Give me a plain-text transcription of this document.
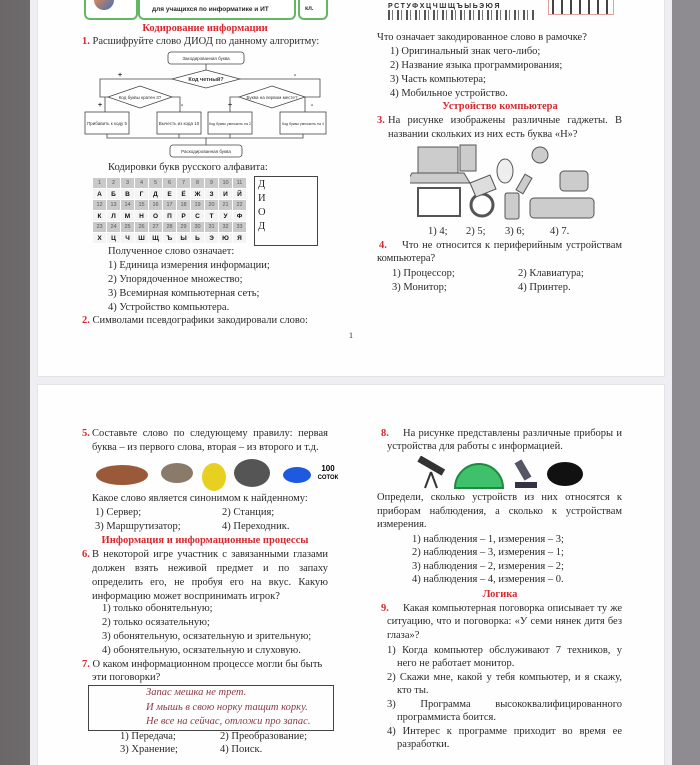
для учащихся по информатике и ИТ	кл.
Кодирование информации
1. Расшифруйте слово ДИОД по данному алгоритму:
Закодированная буква
Код четный?
Код буквы кратен 3?	Буква на первом месте?
Прибавить к коду 5	Вычесть из кода 10	Код буквы умножить на 2	Код буквы умножить на 4
Раскодированная буква
+	-
+	-	+	-
Кодировки букв русского алфавита:
1	2	3	4	5	6	7	8	9	10	11
А	Б	В	Г	Д	Е	Ё	Ж	З	И	Й
12	13	14	15	16	17	18	19	20	21	22
К	Л	М	Н	О	П	Р	С	Т	У	Ф
23	24	25	26	27	28	29	30	31	32	33
Х	Ц	Ч	Ш	Щ	Ъ	Ы	Ь	Э	Ю	Я
Д
И
О
Д
Полученное слово означает:
1) Единица измерения информации;
2) Упорядоченное множество;
3) Всемирная компьютерная сеть;
4) Устройство компьютера.
2. Символами псевдографики закодировали слово:
1
РСТУФХЦЧШЩЪЫЬЭЮЯ
Что означает закодированное слово в рамочке?
1) Оригинальный знак чего-либо;
2) Название языка программирования;
3) Часть компьютера;
4) Мобильное устройство.
Устройство компьютера
3. На рисунке изображены различные гаджеты. В
названии скольких из них есть буква «Н»?
1) 4; 2) 5; 3) 6; 4) 7.
4. Что не относится к периферийным устройствам
компьютера?
1) Процессор;	2) Клавиатура;
3) Монитор;	4) Принтер.
5. Составьте слово по следующему правилу: первая
буква – из первого слова, вторая – из второго и т.д.
100
СОТОК
Какое слово является синонимом к найденному:
1) Сервер;	2) Станция;
3) Маршрутизатор;	4) Переходник.
Информация и информационные процессы
6. В некоторой игре участник с завязанными глазами
должен взять неживой предмет и по запаху
определить его, не пробуя его на вкус. Какую
информацию может воспринимать игрок?
1) только обонятельную;
2) только осязательную;
3) обонятельную, осязательную и зрительную;
4) обонятельную, осязательную и слуховую.
7. О каком информационном процессе могли бы быть
эти поговорки?
Запас мешка не трет.
И мышь в свою норку тащит корку.
Не все на сейчас, отложи про запас.
1) Передача;	2) Преобразование;
3) Хранение;	4) Поиск.
8. На рисунке представлены различные приборы и
устройства для работы с информацией.
Определи, сколько устройств из них относятся к
приборам наблюдения, а сколько к устройствам
измерения.
1) наблюдения – 1, измерения – 3;
2) наблюдения – 3, измерения – 1;
3) наблюдения – 2, измерения – 2;
4) наблюдения – 4, измерения – 0.
Логика
9. Какая компьютерная поговорка описывает ту же
ситуацию, что и поговорка: «У семи нянек дитя без
глаза»?
1) Когда компьютер обслуживают 7 техников, у
него не работает монитор.
2) Скажи мне, какой у тебя компьютер, и я скажу,
кто ты.
3) Программа высококвалифицированного
программиста боится.
4) Интерес к программе приходит во время ее
разработки.
